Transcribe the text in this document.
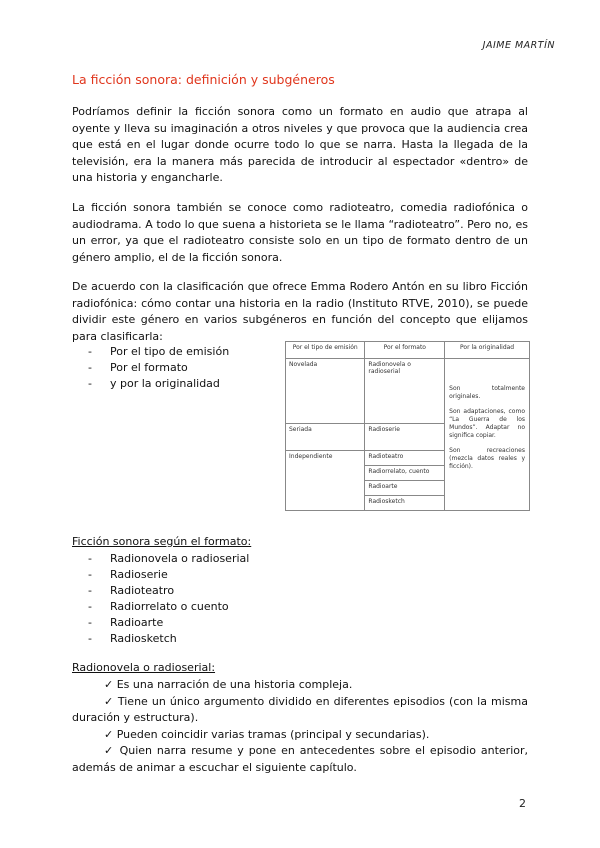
JAIME MARTÍN
La ficción sonora: definición y subgéneros

Podríamos definir la ficción sonora como un formato en audio que atrapa al oyente y lleva su imaginación a otros niveles y que provoca que la audiencia crea que está en el lugar donde ocurre todo lo que se narra. Hasta la llegada de la televisión, era la manera más parecida de introducir al espectador «dentro» de una historia y engancharle.

La ficción sonora también se conoce como radioteatro, comedia radiofónica o audiodrama. A todo lo que suena a historieta se le llama “radioteatro”. Pero no, es un error, ya que el radioteatro consiste solo en un tipo de formato dentro de un género amplio, el de la ficción sonora.

De acuerdo con la clasificación que ofrece Emma Rodero Antón en su libro Ficción radiofónica: cómo contar una historia en la radio (Instituto RTVE, 2010), se puede dividir este género en varios subgéneros en función del concepto que elijamos para clasificarla:

- Por el tipo de emisión
- Por el formato
- y por la originalidad
Por el tipo de emisión	Por el formato	Por la originalidad
Novelada	Radionovela o radioserial	Son totalmente originales.

Son adaptaciones, como “La Guerra de los Mundos”. Adaptar no significa copiar.

Son recreaciones (mezcla datos reales y ficción).

Seriada	Radioserie	
Independiente	Radioteatro	
	Radiorrelato, cuento	
	Radioarte	
	Radiosketch	
Ficción sonora según el formato:
- Radionovela o radioserial
- Radioserie
- Radioteatro
- Radiorrelato o cuento
- Radioarte
- Radiosketch
Radionovela o radioserial:
✓ Es una narración de una historia compleja.
✓ Tiene un único argumento dividido en diferentes episodios (con la misma duración y estructura).
✓ Pueden coincidir varias tramas (principal y secundarias).
✓ Quien narra resume y pone en antecedentes sobre el episodio anterior, además de animar a escuchar el siguiente capítulo.
2
